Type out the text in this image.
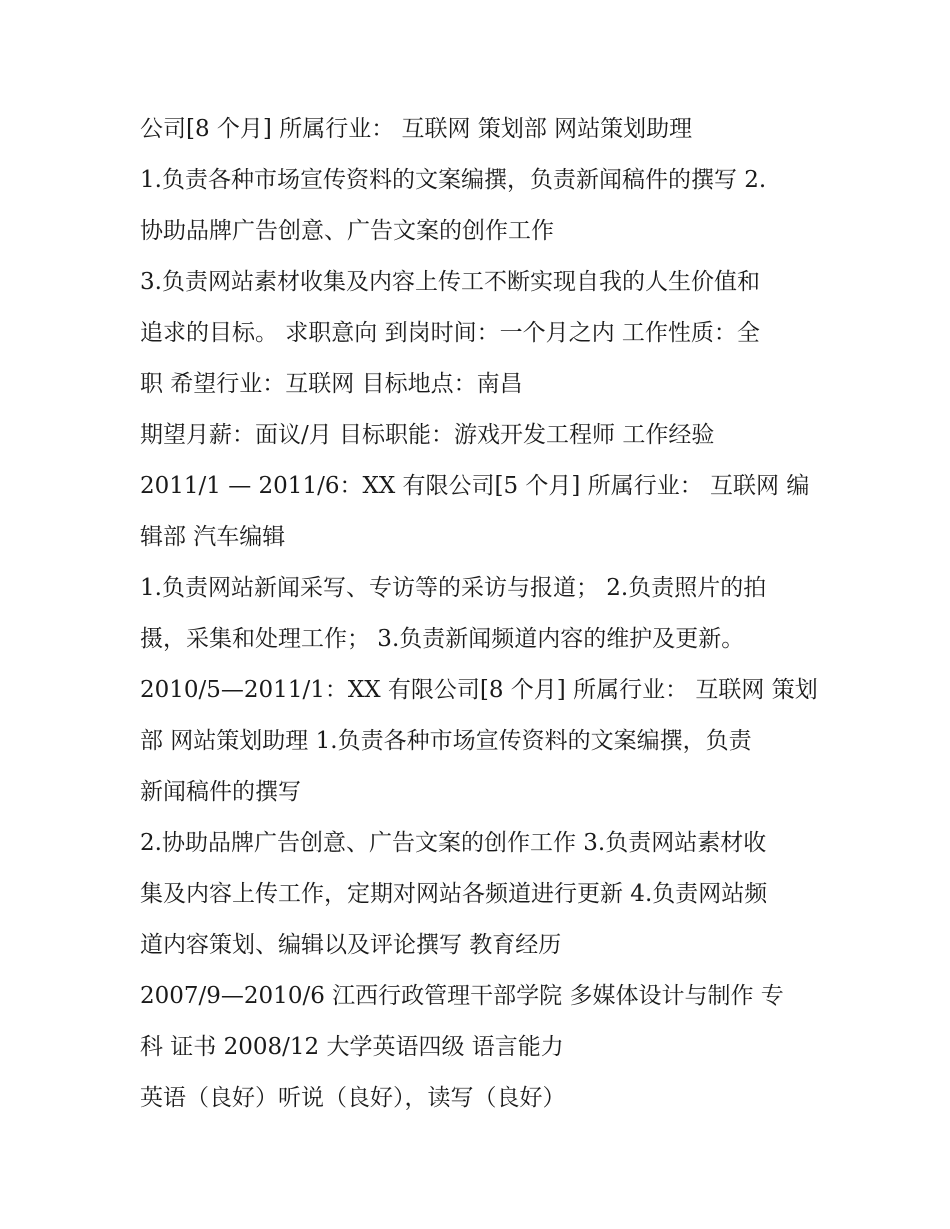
公司[8 个月] 所属行业： 互联网 策划部 网站策划助理
1.负责各种市场宣传资料的文案编撰，负责新闻稿件的撰写 2.
协助品牌广告创意、广告文案的创作工作
3.负责网站素材收集及内容上传工不断实现自我的人生价值和
追求的目标。 求职意向 到岗时间：一个月之内 工作性质：全
职 希望行业：互联网 目标地点：南昌
期望月薪：面议/月 目标职能：游戏开发工程师 工作经验
2011/1 — 2011/6：XX 有限公司[5 个月] 所属行业： 互联网 编
辑部 汽车编辑
1.负责网站新闻采写、专访等的采访与报道； 2.负责照片的拍
摄，采集和处理工作； 3.负责新闻频道内容的维护及更新。
2010/5—2011/1：XX 有限公司[8 个月] 所属行业： 互联网 策划
部 网站策划助理 1.负责各种市场宣传资料的文案编撰，负责
新闻稿件的撰写
2.协助品牌广告创意、广告文案的创作工作 3.负责网站素材收
集及内容上传工作，定期对网站各频道进行更新 4.负责网站频
道内容策划、编辑以及评论撰写 教育经历
2007/9—2010/6 江西行政管理干部学院 多媒体设计与制作 专
科 证书 2008/12 大学英语四级 语言能力
英语（良好）听说（良好），读写（良好）
